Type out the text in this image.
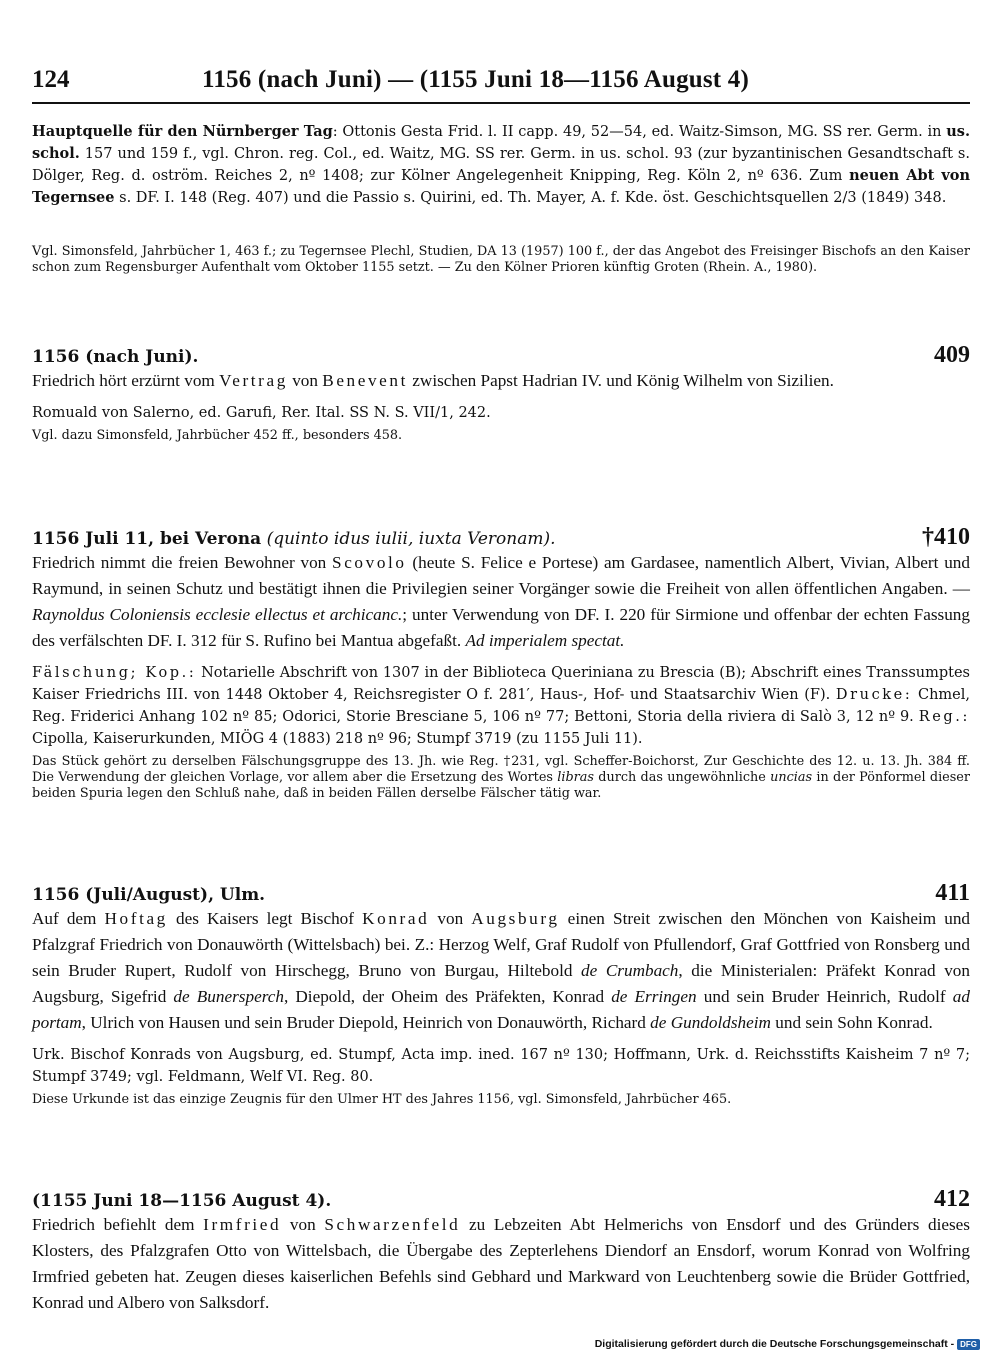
124	1156 (nach Juni) — (1155 Juni 18—1156 August 4)
Hauptquelle für den Nürnberger Tag: Ottonis Gesta Frid. l. II capp. 49, 52—54, ed. Waitz-Simson, MG. SS rer. Germ. in us. schol. 157 und 159 f., vgl. Chron. reg. Col., ed. Waitz, MG. SS rer. Germ. in us. schol. 93 (zur byzantinischen Gesandtschaft s. Dölger, Reg. d. oström. Reiches 2, nº 1408; zur Kölner Angelegenheit Knipping, Reg. Köln 2, nº 636. Zum neuen Abt von Tegernsee s. DF. I. 148 (Reg. 407) und die Passio s. Quirini, ed. Th. Mayer, A. f. Kde. öst. Geschichtsquellen 2/3 (1849) 348.
Vgl. Simonsfeld, Jahrbücher 1, 463 f.; zu Tegernsee Plechl, Studien, DA 13 (1957) 100 f., der das Angebot des Freisinger Bischofs an den Kaiser schon zum Regensburger Aufenthalt vom Oktober 1155 setzt. — Zu den Kölner Prioren künftig Groten (Rhein. A., 1980).
1156 (nach Juni).	409
Friedrich hört erzürnt vom Vertrag von Benevent zwischen Papst Hadrian IV. und König Wilhelm von Sizilien.
Romuald von Salerno, ed. Garufi, Rer. Ital. SS N. S. VII/1, 242.
Vgl. dazu Simonsfeld, Jahrbücher 452 ff., besonders 458.
1156 Juli 11, bei Verona (quinto idus iulii, iuxta Veronam).	†410
Friedrich nimmt die freien Bewohner von Scovolo (heute S. Felice e Portese) am Gardasee, namentlich Albert, Vivian, Albert und Raymund, in seinen Schutz und bestätigt ihnen die Privilegien seiner Vorgänger sowie die Freiheit von allen öffentlichen Angaben. — Raynoldus Coloniensis ecclesie ellectus et archicanc.; unter Verwendung von DF. I. 220 für Sirmione und offenbar der echten Fassung des verfälschten DF. I. 312 für S. Rufino bei Mantua abgefaßt. Ad imperialem spectat.
Fälschung; Kop.: Notarielle Abschrift von 1307 in der Biblioteca Queriniana zu Brescia (B); Abschrift eines Transsumptes Kaiser Friedrichs III. von 1448 Oktober 4, Reichsregister O f. 281′, Haus-, Hof- und Staatsarchiv Wien (F). Drucke: Chmel, Reg. Friderici Anhang 102 nº 85; Odorici, Storie Bresciane 5, 106 nº 77; Bettoni, Storia della riviera di Salò 3, 12 nº 9. Reg.: Cipolla, Kaiserurkunden, MIÖG 4 (1883) 218 nº 96; Stumpf 3719 (zu 1155 Juli 11).
Das Stück gehört zu derselben Fälschungsgruppe des 13. Jh. wie Reg. †231, vgl. Scheffer-Boichorst, Zur Geschichte des 12. u. 13. Jh. 384 ff. Die Verwendung der gleichen Vorlage, vor allem aber die Ersetzung des Wortes libras durch das ungewöhnliche uncias in der Pönformel dieser beiden Spuria legen den Schluß nahe, daß in beiden Fällen derselbe Fälscher tätig war.
1156 (Juli/August), Ulm.	411
Auf dem Hoftag des Kaisers legt Bischof Konrad von Augsburg einen Streit zwischen den Mönchen von Kaisheim und Pfalzgraf Friedrich von Donauwörth (Wittelsbach) bei. Z.: Herzog Welf, Graf Rudolf von Pfullendorf, Graf Gottfried von Ronsberg und sein Bruder Rupert, Rudolf von Hirschegg, Bruno von Burgau, Hiltebold de Crumbach, die Ministerialen: Präfekt Konrad von Augsburg, Sigefrid de Bunersperch, Diepold, der Oheim des Präfekten, Konrad de Erringen und sein Bruder Heinrich, Rudolf ad portam, Ulrich von Hausen und sein Bruder Diepold, Heinrich von Donauwörth, Richard de Gundoldsheim und sein Sohn Konrad.
Urk. Bischof Konrads von Augsburg, ed. Stumpf, Acta imp. ined. 167 nº 130; Hoffmann, Urk. d. Reichsstifts Kaisheim 7 nº 7; Stumpf 3749; vgl. Feldmann, Welf VI. Reg. 80.
Diese Urkunde ist das einzige Zeugnis für den Ulmer HT des Jahres 1156, vgl. Simonsfeld, Jahrbücher 465.
(1155 Juni 18—1156 August 4).	412
Friedrich befiehlt dem Irmfried von Schwarzenfeld zu Lebzeiten Abt Helmerichs von Ensdorf und des Gründers dieses Klosters, des Pfalzgrafen Otto von Wittelsbach, die Übergabe des Zepterlehens Diendorf an Ensdorf, worum Konrad von Wolfring Irmfried gebeten hat. Zeugen dieses kaiserlichen Befehls sind Gebhard und Markward von Leuchtenberg sowie die Brüder Gottfried, Konrad und Albero von Salksdorf.
Digitalisierung gefördert durch die Deutsche Forschungsgemeinschaft - DFG
